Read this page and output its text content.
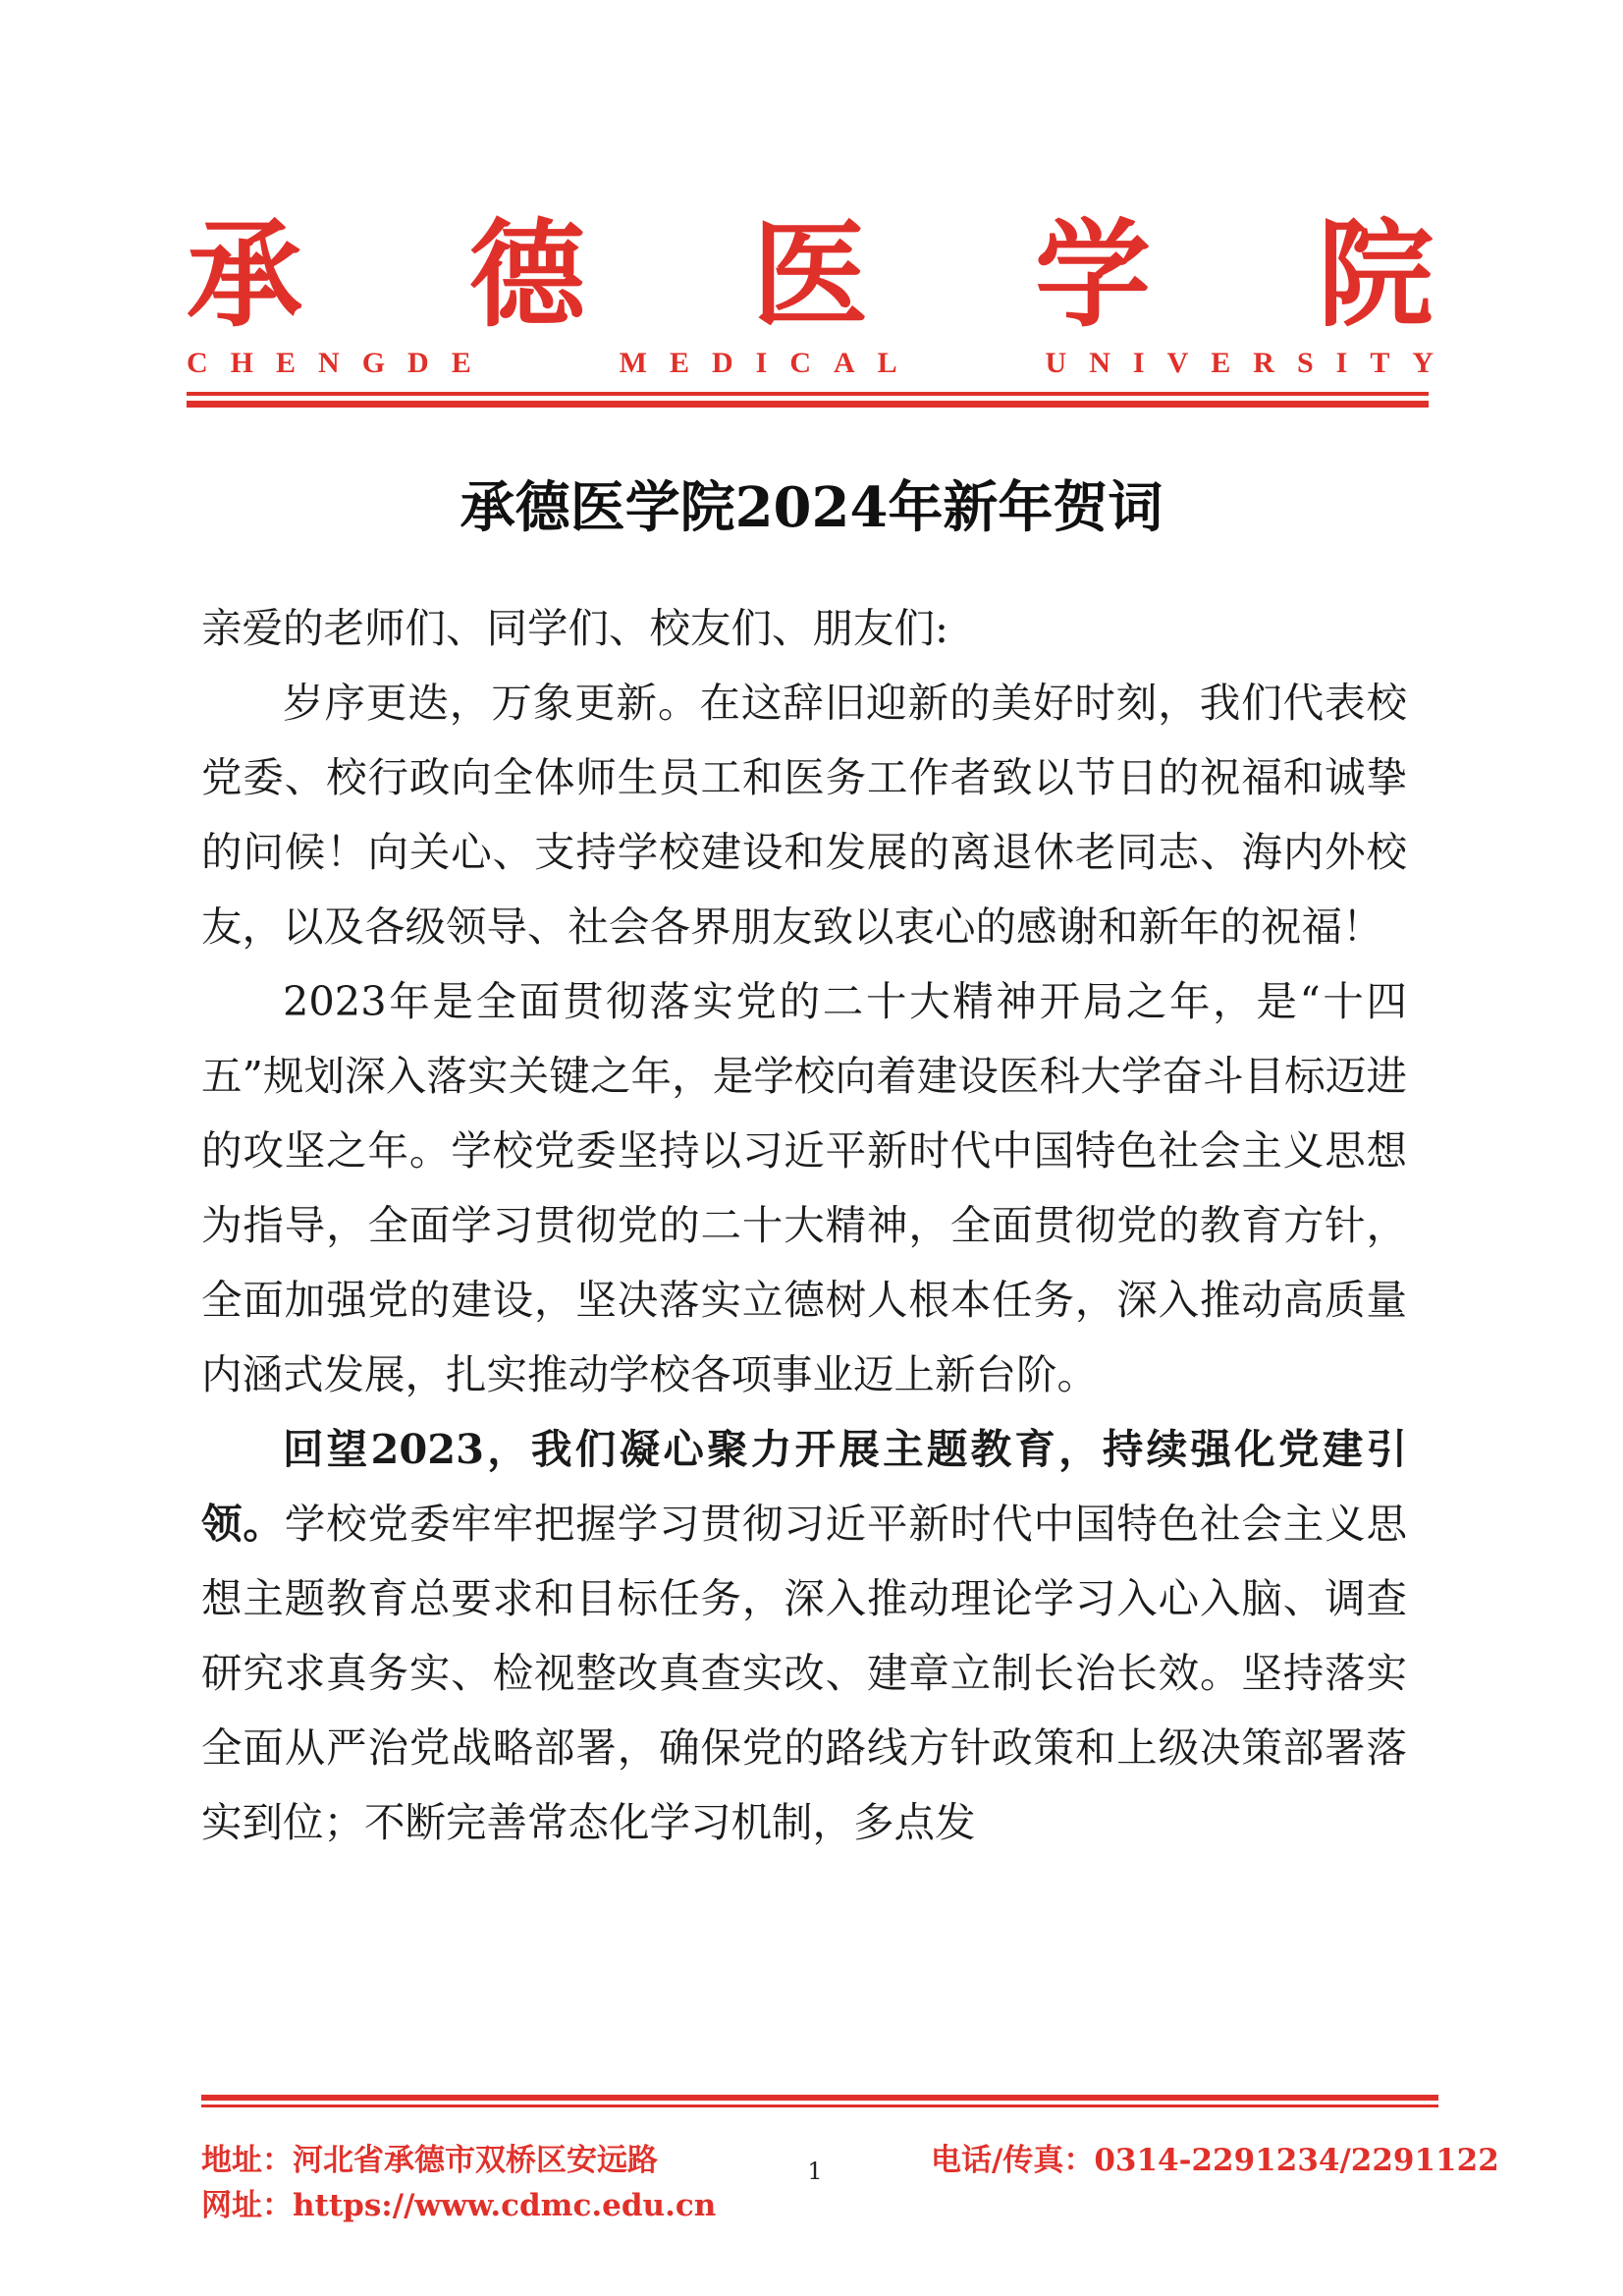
承 德 医 学 院
C H E N G D E	M E D I C A L	U N I V E R S I T Y
承德医学院2024年新年贺词

亲爱的老师们、同学们、校友们、朋友们:

岁序更迭，万象更新。在这辞旧迎新的美好时刻，我们代表校党委、校行政向全体师生员工和医务工作者致以节日的祝福和诚挚的问候！向关心、支持学校建设和发展的离退休老同志、海内外校友，以及各级领导、社会各界朋友致以衷心的感谢和新年的祝福！

2023年是全面贯彻落实党的二十大精神开局之年，是“十四五”规划深入落实关键之年，是学校向着建设医科大学奋斗目标迈进的攻坚之年。学校党委坚持以习近平新时代中国特色社会主义思想为指导，全面学习贯彻党的二十大精神，全面贯彻党的教育方针，全面加强党的建设，坚决落实立德树人根本任务，深入推动高质量内涵式发展，扎实推动学校各项事业迈上新台阶。

回望2023，我们凝心聚力开展主题教育，持续强化党建引领。学校党委牢牢把握学习贯彻习近平新时代中国特色社会主义思想主题教育总要求和目标任务，深入推动理论学习入心入脑、调查研究求真务实、检视整改真查实改、建章立制长治长效。坚持落实全面从严治党战略部署，确保党的路线方针政策和上级决策部署落实到位；不断完善常态化学习机制，多点发

地址：河北省承德市双桥区安远路
网址：https://www.cdmc.edu.cn
电话/传真：0314-2291234/2291122
1
